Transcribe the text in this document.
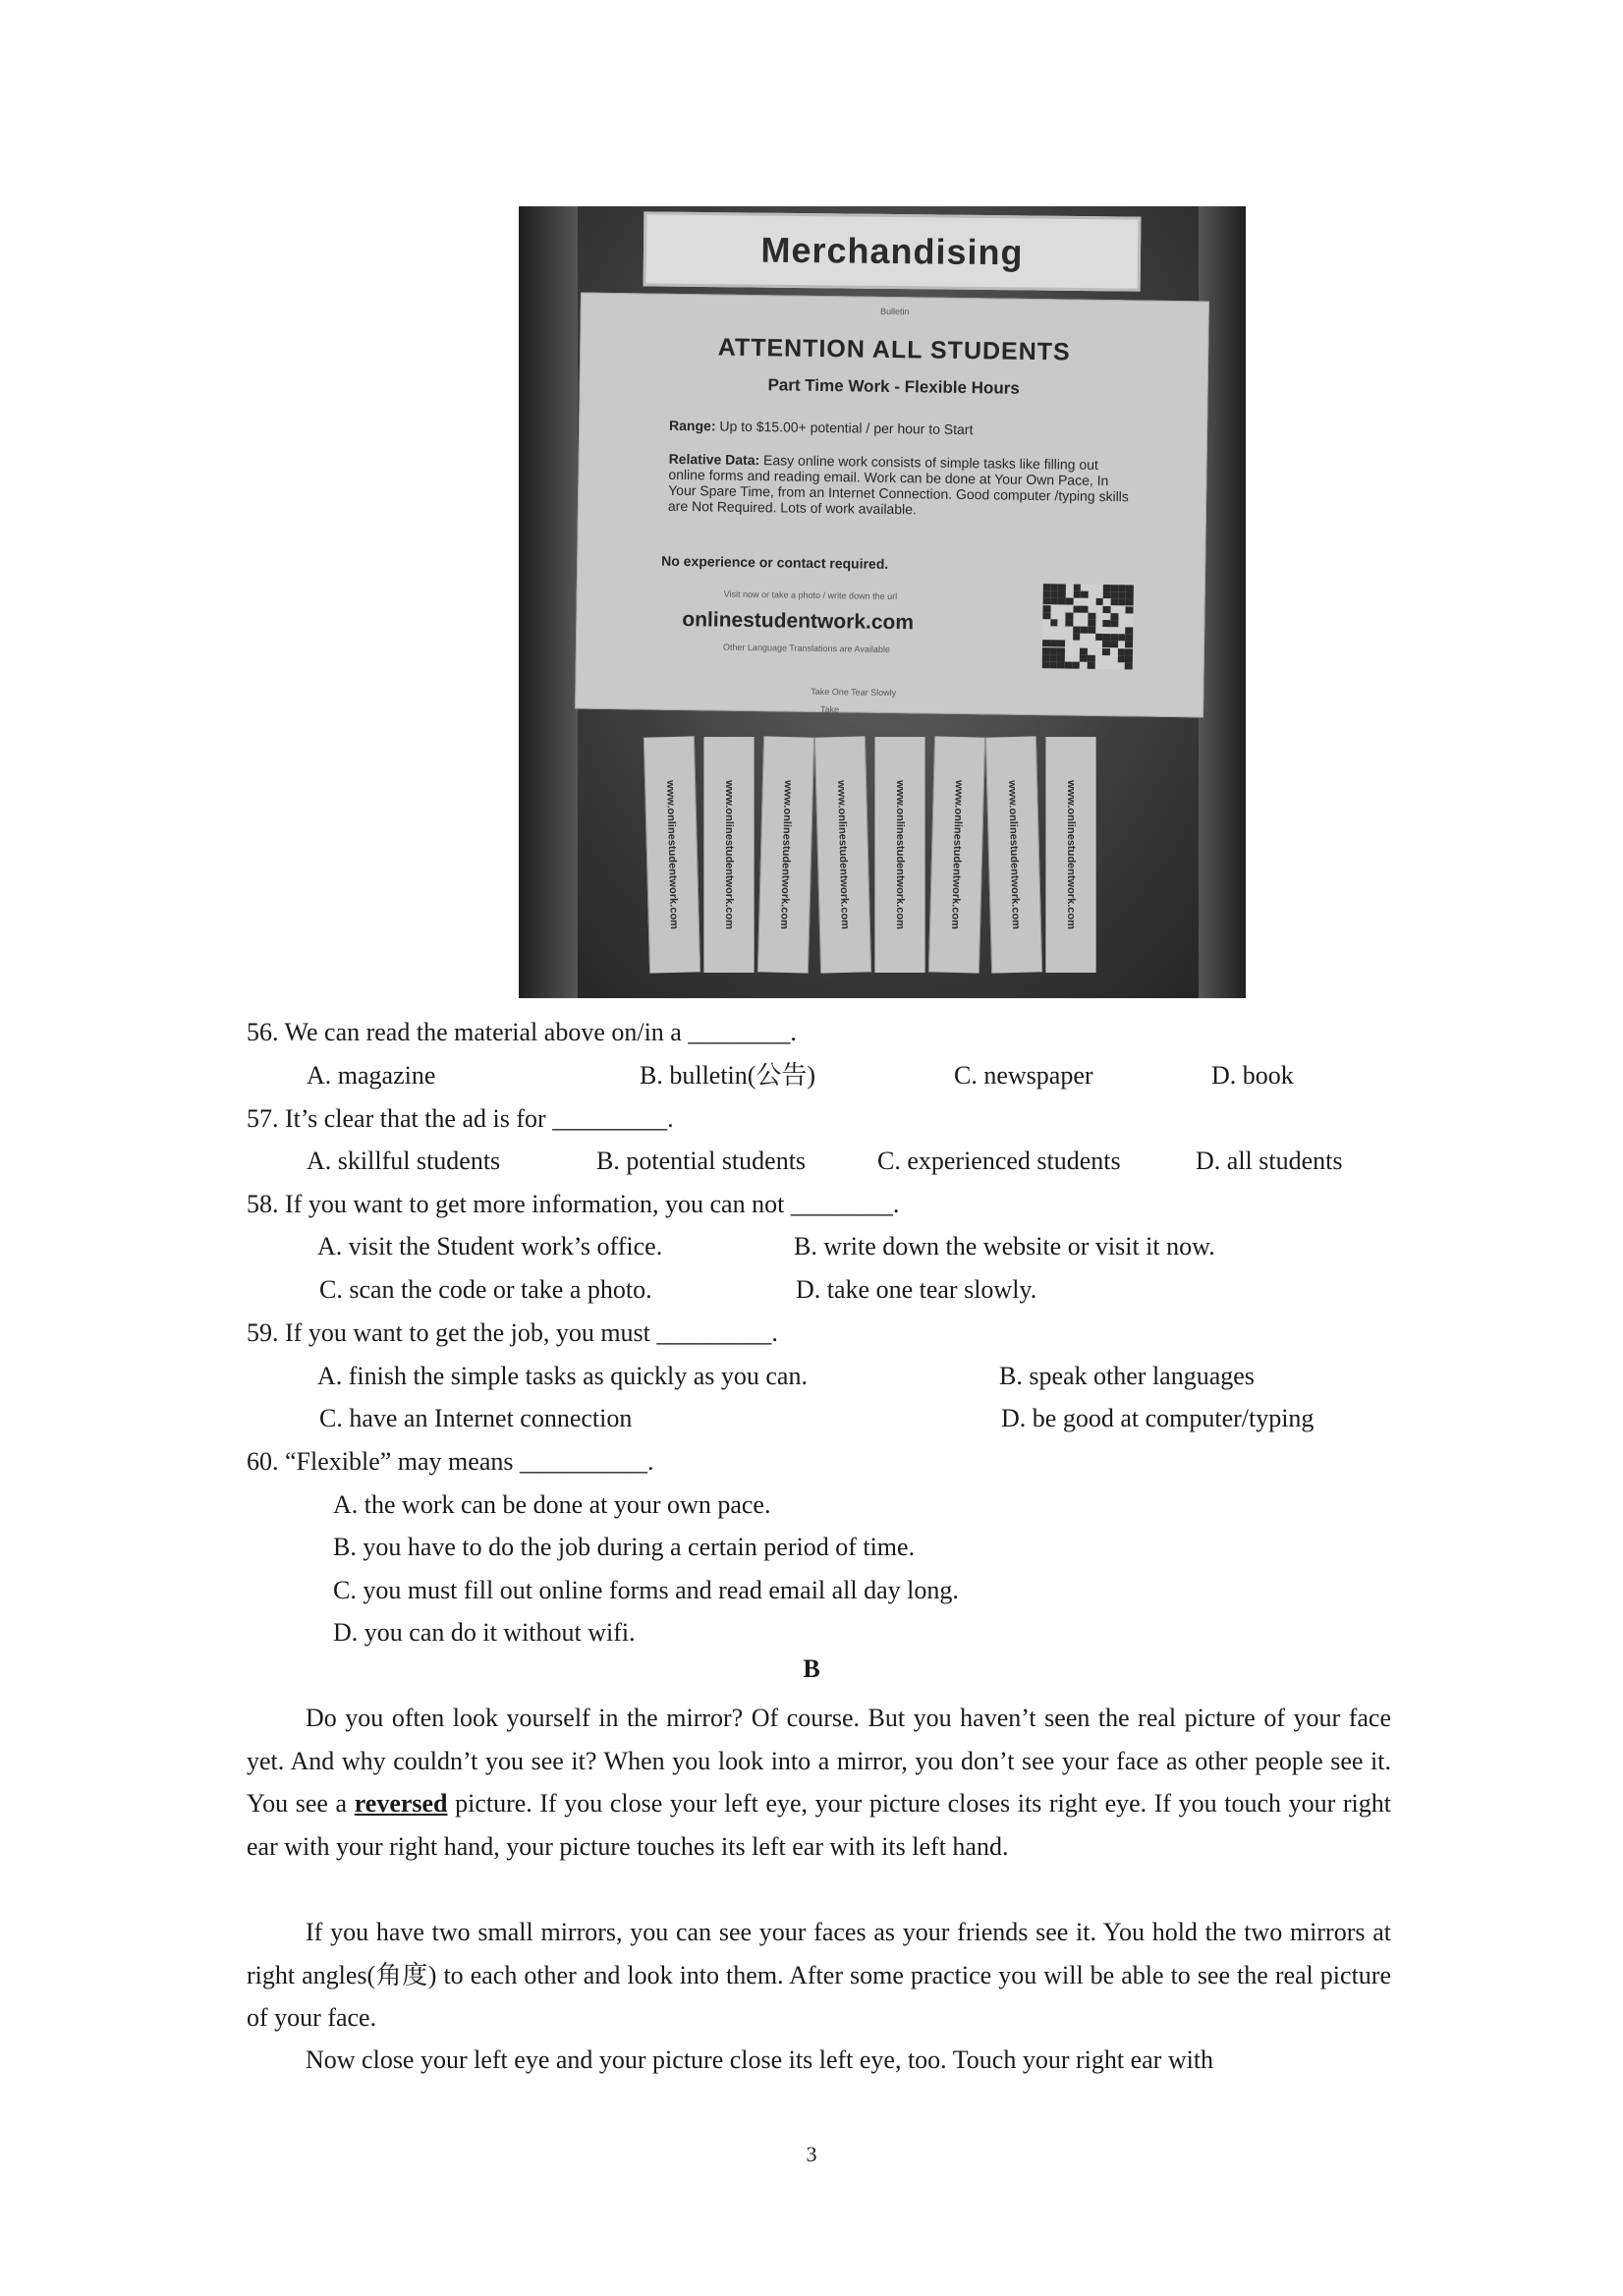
Merchandising
Bulletin
ATTENTION ALL STUDENTS
Part Time Work - Flexible Hours
Range: Up to $15.00+ potential / per hour to Start
Relative Data: Easy online work consists of simple tasks like filling out online forms and reading email. Work can be done at Your Own Pace, In Your Spare Time, from an Internet Connection. Good computer /typing skills are Not Required. Lots of work available.
No experience or contact required.
Visit now or take a photo / write down the url
onlinestudentwork.com
Other Language Translations are Available
Take One Tear Slowly
Take
www.onlinestudentwork.com	www.onlinestudentwork.com	www.onlinestudentwork.com	www.onlinestudentwork.com	www.onlinestudentwork.com	www.onlinestudentwork.com	www.onlinestudentwork.com	www.onlinestudentwork.com
56. We can read the material above on/in a ________.
A. magazine	B. bulletin(公告)	C. newspaper	D. book
57. It’s clear that the ad is for _________.
A. skillful students	B. potential students	C. experienced students	D. all students
58. If you want to get more information, you can not ________.
A. visit the Student work’s office.	B. write down the website or visit it now.
C. scan the code or take a photo.	D. take one tear slowly.
59. If you want to get the job, you must _________.
A. finish the simple tasks as quickly as you can.	B. speak other languages
C. have an Internet connection	D. be good at computer/typing
60. “Flexible” may means __________.
A. the work can be done at your own pace.
B. you have to do the job during a certain period of time.
C. you must fill out online forms and read email all day long.
D. you can do it without wifi.
B
Do you often look yourself in the mirror? Of course. But you haven’t seen the real picture of your face yet. And why couldn’t you see it? When you look into a mirror, you don’t see your face as other people see it. You see a reversed picture. If you close your left eye, your picture closes its right eye. If you touch your right ear with your right hand, your picture touches its left ear with its left hand.
If you have two small mirrors, you can see your faces as your friends see it. You hold the two mirrors at right angles(角度) to each other and look into them. After some practice you will be able to see the real picture of your face.
Now close your left eye and your picture close its left eye, too. Touch your right ear with
3
